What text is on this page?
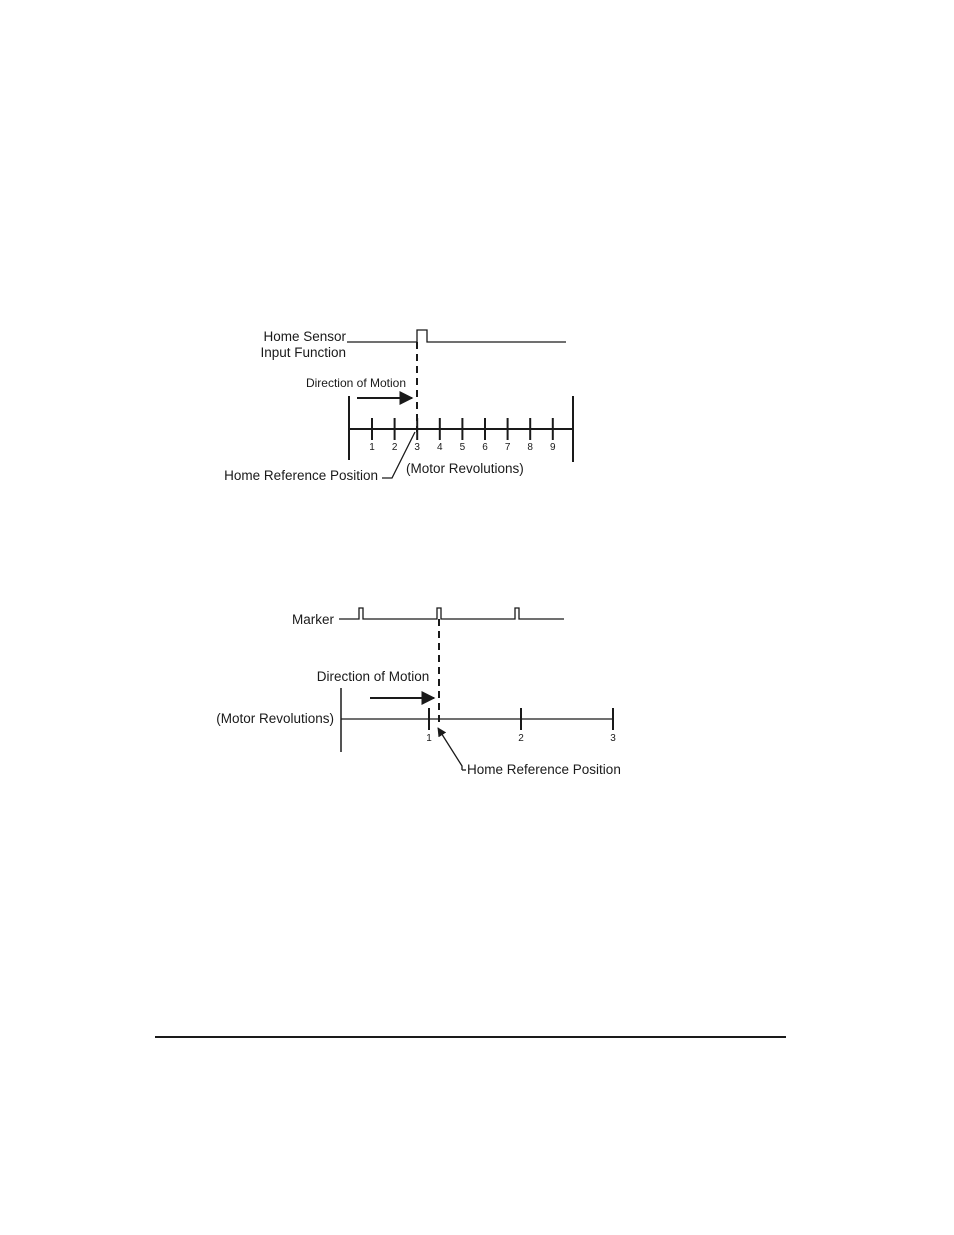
Home Sensor
Input Function
Direction of Motion
1 2 3 4 5 6 7 8 9
Home Reference Position (Motor Revolutions)
Marker
Direction of Motion
(Motor Revolutions)
1	2	3
Home Reference Position
